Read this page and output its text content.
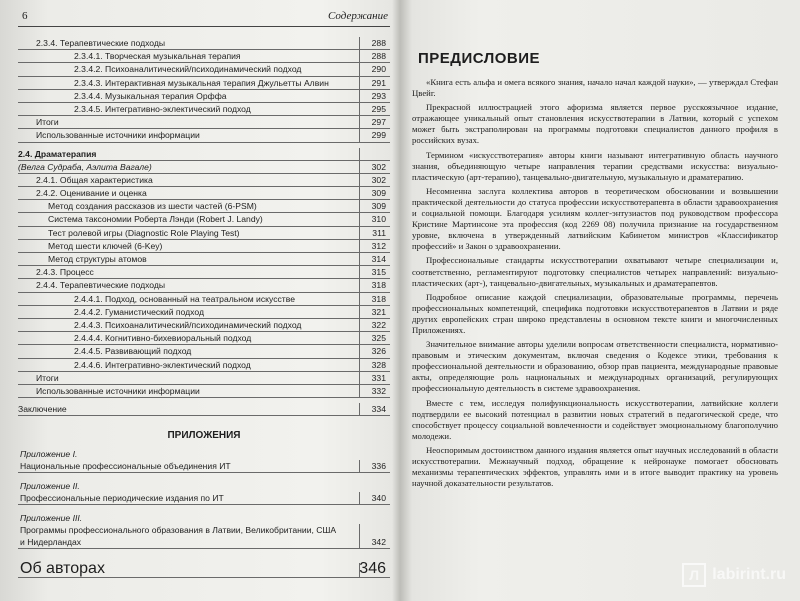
6	Содержание
2.3.4. Терапевтические подходы	288
2.3.4.1. Творческая музыкальная терапия	288
2.3.4.2. Психоаналитический/психодинамический подход	290
2.3.4.3. Интерактивная музыкальная терапия Джульетты Алвин	291
2.3.4.4. Музыкальная терапия Орффа	293
2.3.4.5. Интегративно-эклектический подход	295
Итоги	297
Использованные источники информации	299
2.4. Драматерапия
(Велга Судраба, Аэлита Вагале)	302
2.4.1. Общая характеристика	302
2.4.2. Оценивание и оценка	309
Метод создания рассказов из шести частей (6-PSM)	309
Система таксономии Роберта Лэнди (Robert J. Landy)	310
Тест ролевой игры (Diagnostic Role Playing Test)	311
Метод шести ключей (6-Key)	312
Метод структуры атомов	314
2.4.3. Процесс	315
2.4.4. Терапевтические подходы	318
2.4.4.1. Подход, основанный на театральном искусстве	318
2.4.4.2. Гуманистический подход	321
2.4.4.3. Психоаналитический/психодинамический подход	322
2.4.4.4. Когнитивно-бихевиоральный подход	325
2.4.4.5. Развивающий подход	326
2.4.4.6. Интегративно-эклектический подход	328
Итоги	331
Использованные источники информации	332
Заключение	334
ПРИЛОЖЕНИЯ
Приложение I.
Национальные профессиональные объединения ИТ	336
Приложение II.
Профессиональные периодические издания по ИТ	340
Приложение III.
Программы профессионального образования в Латвии, Великобритании, США
и Нидерландах	342
Об авторах	346
ПРЕДИСЛОВИЕ

«Книга есть альфа и омега всякого знания, начало начал каждой науки», — утверждал Стефан Цвейг.

Прекрасной иллюстрацией этого афоризма является первое русскоязычное издание, отражающее уникальный опыт становления искусствотерапии в Латвии, который с успехом может быть экстраполирован на программы подготовки специалистов данного профиля в российских вузах.

Термином «искусствотерапия» авторы книги называют интегративную область научного знания, объединяющую четыре направления терапии средствами искусства: визуально-пластическую (арт-терапию), танцевально-двигательную, музыкальную и драматерапию.

Несомненна заслуга коллектива авторов в теоретическом обосновании и возвышении практической деятельности до статуса профессии искусствотерапевта в области здравоохранения и социальной помощи. Благодаря усилиям коллег-энтузиастов под руководством профессора Кристине Мартинсоне эта профессия (код 2269 08) получила признание на государственном уровне, включена в утвержденный латвийским Кабинетом министров «Классификатор профессий» и Закон о здравоохранении.

Профессиональные стандарты искусствотерапии охватывают четыре специализации и, соответственно, регламентируют подготовку специалистов четырех направлений: визуально-пластических (арт-), танцевально-двигательных, музыкальных и драматерапевтов.

Подробное описание каждой специализации, образовательные программы, перечень профессиональных компетенций, специфика подготовки искусствотерапевтов в Латвии и ряде других европейских стран широко представлены в основном тексте книги и многочисленных Приложениях.

Значительное внимание авторы уделили вопросам ответственности специалиста, нормативно-правовым и этическим документам, включая сведения о Кодексе этики, требования к профессиональной деятельности и образованию, обзор прав пациента, международные правовые акты, определяющие роль национальных и международных организаций, регулирующих профессиональную деятельность в системе здравоохранения.

Вместе с тем, исследуя полифункциональность искусствотерапии, латвийские коллеги подтвердили ее высокий потенциал в развитии новых стратегий в педагогической среде, что способствует процессу социальной вовлеченности и содействует эмоциональному благополучию молодежи.

Неоспоримым достоинством данного издания является опыт научных исследований в области искусствотерапии. Межнаучный подход, обращение к нейронауке помогает обосновать механизмы терапевтических эффектов, управлять ими и в итоге выводит практику на уровень научной доказательности результатов.

Л labirint.ru
